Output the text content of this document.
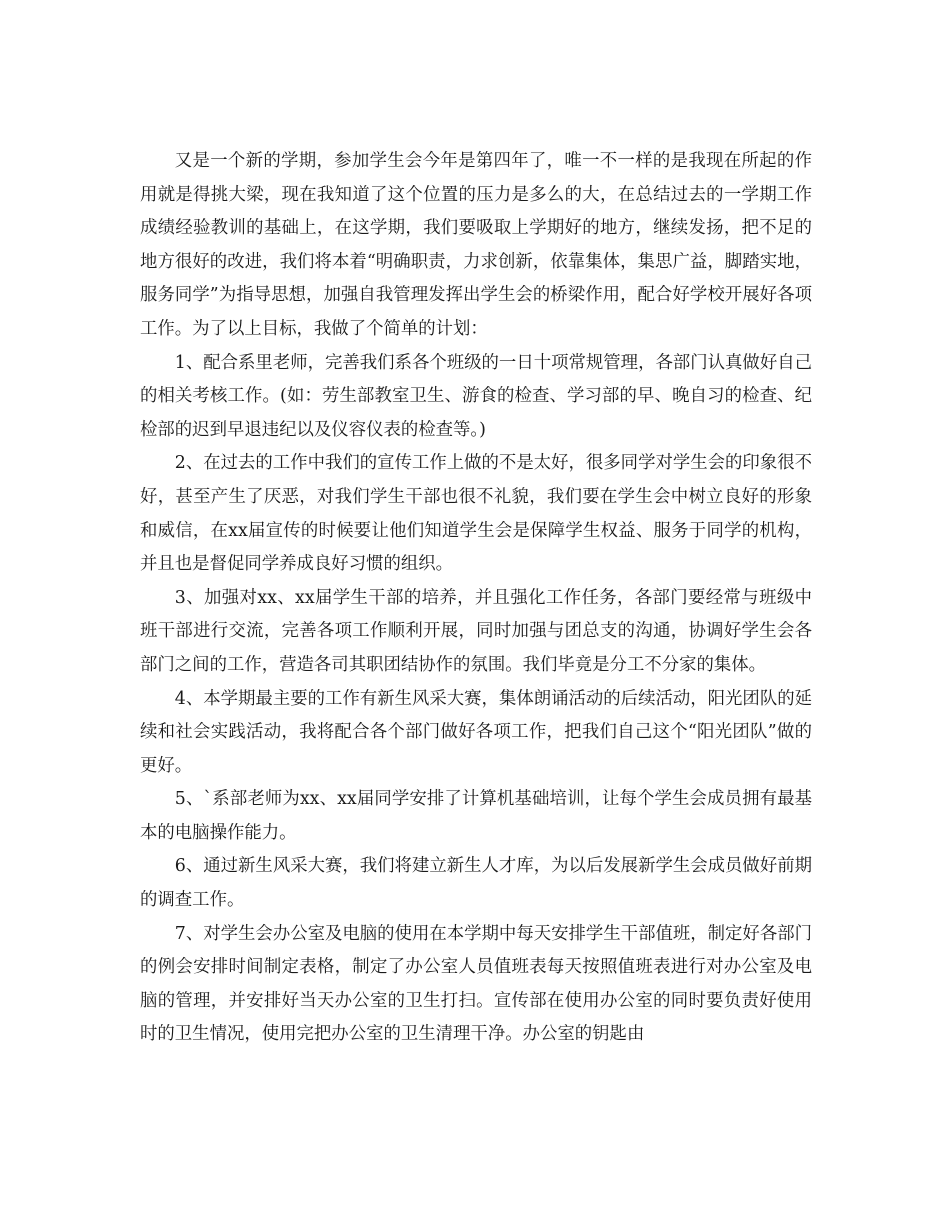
又是一个新的学期，参加学生会今年是第四年了，唯一不一样的是我现在所起的作用就是得挑大梁，现在我知道了这个位置的压力是多么的大，在总结过去的一学期工作成绩经验教训的基础上，在这学期，我们要吸取上学期好的地方，继续发扬，把不足的地方很好的改进，我们将本着“明确职责，力求创新，依靠集体，集思广益，脚踏实地，服务同学”为指导思想，加强自我管理发挥出学生会的桥梁作用，配合好学校开展好各项工作。为了以上目标，我做了个简单的计划：

1、配合系里老师，完善我们系各个班级的一日十项常规管理，各部门认真做好自己的相关考核工作。(如：劳生部教室卫生、游食的检查、学习部的早、晚自习的检查、纪检部的迟到早退违纪以及仪容仪表的检查等。)

2、在过去的工作中我们的宣传工作上做的不是太好，很多同学对学生会的印象很不好，甚至产生了厌恶，对我们学生干部也很不礼貌，我们要在学生会中树立良好的形象和威信，在xx届宣传的时候要让他们知道学生会是保障学生权益、服务于同学的机构，并且也是督促同学养成良好习惯的组织。

3、加强对xx、xx届学生干部的培养，并且强化工作任务，各部门要经常与班级中班干部进行交流，完善各项工作顺利开展，同时加强与团总支的沟通，协调好学生会各部门之间的工作，营造各司其职团结协作的氛围。我们毕竟是分工不分家的集体。

4、本学期最主要的工作有新生风采大赛，集体朗诵活动的后续活动，阳光团队的延续和社会实践活动，我将配合各个部门做好各项工作，把我们自己这个“阳光团队”做的更好。

5、`系部老师为xx、xx届同学安排了计算机基础培训，让每个学生会成员拥有最基本的电脑操作能力。

6、通过新生风采大赛，我们将建立新生人才库，为以后发展新学生会成员做好前期的调查工作。

7、对学生会办公室及电脑的使用在本学期中每天安排学生干部值班，制定好各部门的例会安排时间制定表格，制定了办公室人员值班表每天按照值班表进行对办公室及电脑的管理，并安排好当天办公室的卫生打扫。宣传部在使用办公室的同时要负责好使用时的卫生情况，使用完把办公室的卫生清理干净。办公室的钥匙由
